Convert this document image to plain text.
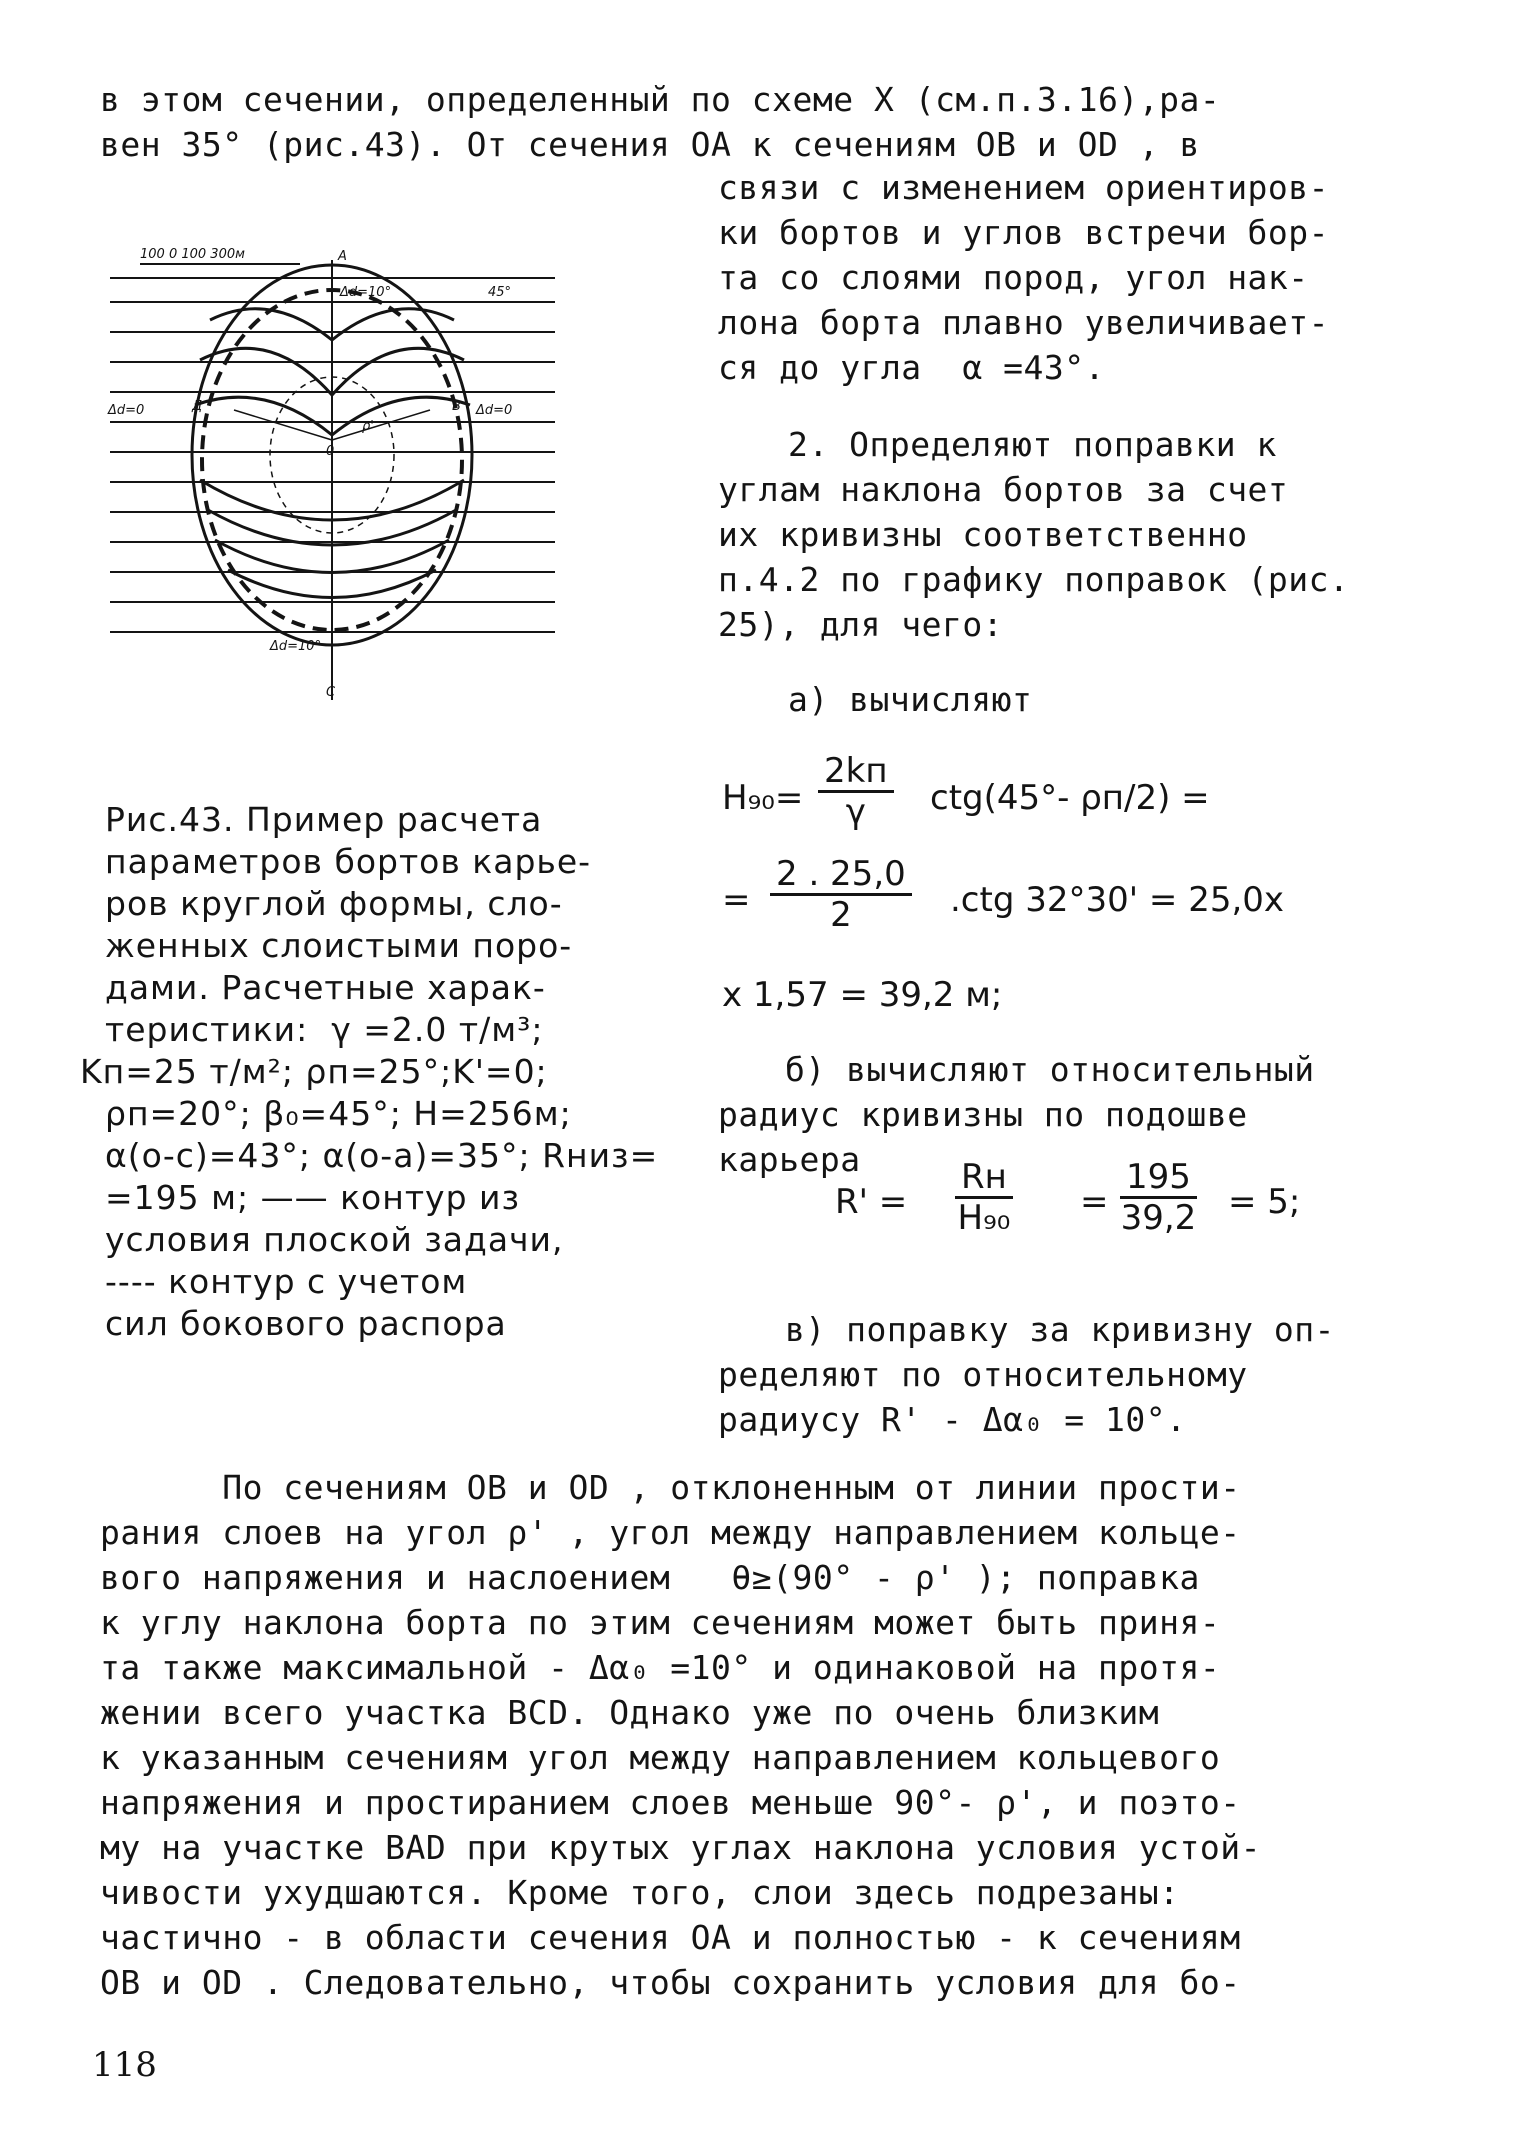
в этом сечении, определенный по схеме X (см.п.3.16),ра-
вен 35° (рис.43). От сечения ОА к сечениям ОВ и ОD , в
связи с изменением ориентиров-
ки бортов и углов встречи бор-
та со слоями пород, угол нак-
лона борта плавно увеличивает-
ся до угла  α =43°.
2. Определяют поправки к
углам наклона бортов за счет
их кривизны соответственно
п.4.2 по графику поправок (рис.
25), для чего:
а) вычисляют
H₉₀=
2kп
γ ctg(45°- ρп/2) =
= $\frac{2 . 25,0}{2} .ctg$ 32°30' = 25,0x
x 1,57 = 39,2 м;
б) вычисляют относительный
радиус кривизны по подошве
карьера
R' =
Rн
$H_{90} = \frac{195}{39,2} = 5$;
в) поправку за кривизну оп-
ределяют по относительному
радиусу R' - Δα₀ = 10°.
Рис.43. Пример расчета
параметров бортов карье-
ров круглой формы, сло-
женных слоистыми поро-
дами. Расчетные харак-
теристики:  γ =2.0 т/м³;
Kп=25 т/м²; ρп=25°;K'=0;
ρп=20°; β₀=45°; H=256м;
α(о-с)=43°; α(о-а)=35°; Rниз=
=195 м; —— контур из
условия плоской задачи,
---- контур с учетом
сил бокового распора
По сечениям ОВ и ОD , отклоненным от линии прости-
рания слоев на угол ρ' , угол между направлением кольце-
вого напряжения и наслоением   θ≥(90° - ρ' ); поправка
к углу наклона борта по этим сечениям может быть приня-
та также максимальной - Δα₀ =10° и одинаковой на протя-
жении всего участка BCD. Однако уже по очень близким
к указанным сечениям угол между направлением кольцевого
напряжения и простиранием слоев меньше 90°- ρ', и поэто-
му на участке BAD при крутых углах наклона условия устой-
чивости ухудшаются. Кроме того, слои здесь подрезаны:
частично - в области сечения ОА и полностью - к сечениям
ОВ и ОD . Следовательно, чтобы сохранить условия для бо-
118
100 0 100 300м	А
С
Д	В
0
ρ'
Δd=10°	45°
Δd=0	Δd=0
Δd=10°
